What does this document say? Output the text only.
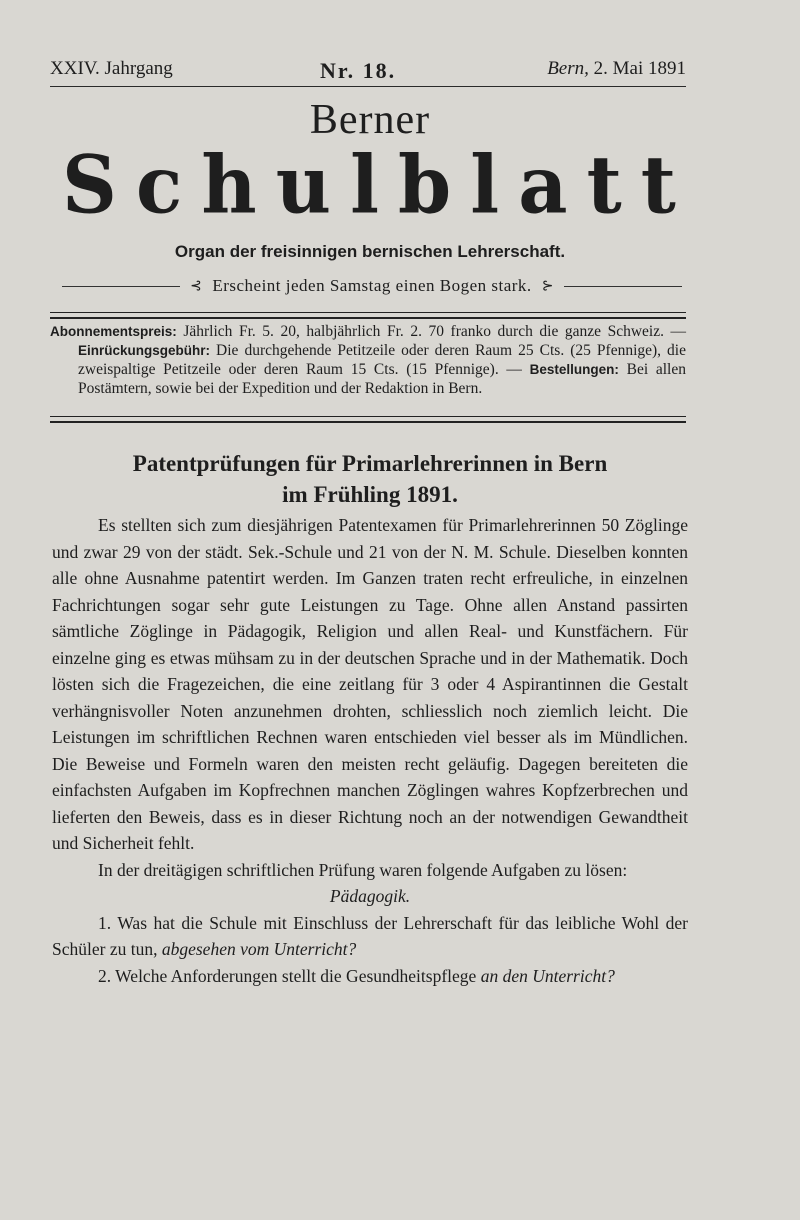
XXIV. Jahrgang	Nr. 18.	Bern, 2. Mai 1891
Berner
S c h u l b l a t t
Organ der freisinnigen bernischen Lehrerschaft.
⊰ Erscheint jeden Samstag einen Bogen stark. ⊱

Abonnementspreis: Jährlich Fr. 5. 20, halbjährlich Fr. 2. 70 franko durch die ganze Schweiz. — Einrückungsgebühr: Die durchgehende Petitzeile oder deren Raum 25 Cts. (25 Pfennige), die zweispaltige Petitzeile oder deren Raum 15 Cts. (15 Pfennige). — Bestellungen: Bei allen Postämtern, sowie bei der Expedition und der Redaktion in Bern.

Patentprüfungen für Primarlehrerinnen in Bern
im Frühling 1891.

Es stellten sich zum diesjährigen Patentexamen für Primarlehrerinnen 50 Zöglinge und zwar 29 von der städt. Sek.-Schule und 21 von der N. M. Schule. Dieselben konnten alle ohne Ausnahme patentirt werden. Im Ganzen traten recht erfreuliche, in einzelnen Fachrichtungen sogar sehr gute Leistungen zu Tage. Ohne allen Anstand passirten sämtliche Zöglinge in Pädagogik, Religion und allen Real- und Kunstfächern. Für einzelne ging es etwas mühsam zu in der deutschen Sprache und in der Mathematik. Doch lösten sich die Fragezeichen, die eine zeitlang für 3 oder 4 Aspirantinnen die Gestalt verhängnisvoller Noten anzunehmen drohten, schliesslich noch ziemlich leicht. Die Leistungen im schriftlichen Rechnen waren entschieden viel besser als im Mündlichen. Die Beweise und Formeln waren den meisten recht geläufig. Dagegen bereiteten die einfachsten Aufgaben im Kopfrechnen manchen Zöglingen wahres Kopfzerbrechen und lieferten den Beweis, dass es in dieser Richtung noch an der notwendigen Gewandtheit und Sicherheit fehlt.

In der dreitägigen schriftlichen Prüfung waren folgende Aufgaben zu lösen:

Pädagogik.

1. Was hat die Schule mit Einschluss der Lehrerschaft für das leibliche Wohl der Schüler zu tun, abgesehen vom Unterricht?

2. Welche Anforderungen stellt die Gesundheitspflege an den Unterricht?
